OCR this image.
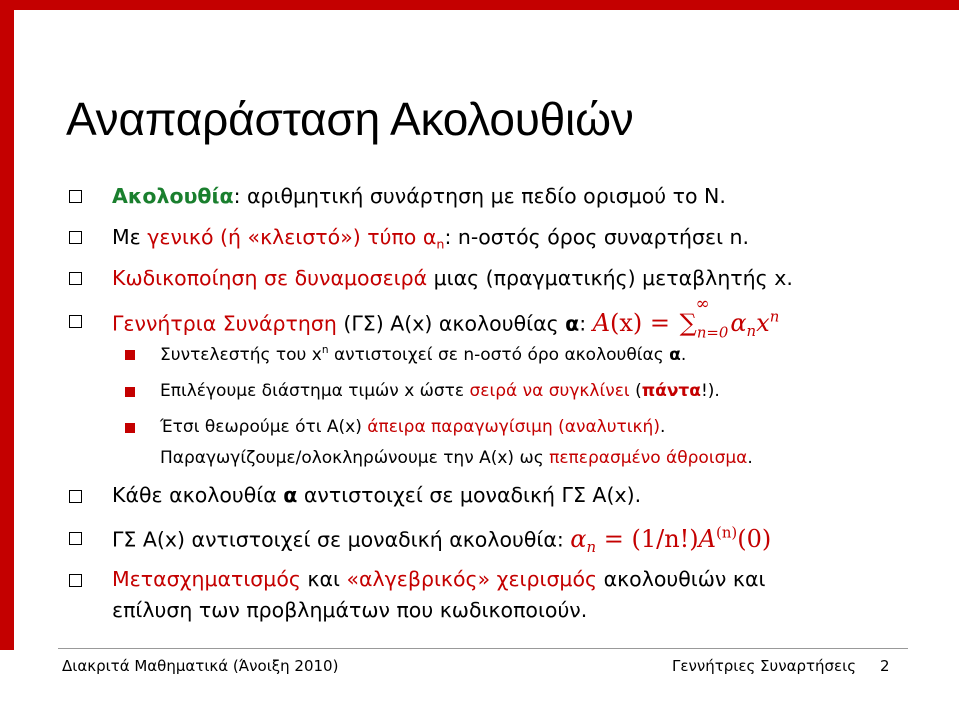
Αναπαράσταση Ακολουθιών
Ακολουθία: αριθμητική συνάρτηση με πεδίο ορισμού το Ν.
Με γενικό (ή «κλειστό») τύπο $\alpha_n$: n-οστός όρος συναρτήσει n.
Κωδικοποίηση σε δυναμοσειρά μιας (πραγματικής) μεταβλητής x.
Γεννήτρια Συνάρτηση (ΓΣ) A(x) ακολουθίας α: A(x) = ∑
∞
$_{n=0}\alpha_nx^n$
Συντελεστής του $x^n$ αντιστοιχεί σε n-οστό όρο ακολουθίας α.
Επιλέγουμε διάστημα τιμών x ώστε σειρά να συγκλίνει (πάντα!).
Έτσι θεωρούμε ότι Α(x) άπειρα παραγωγίσιμη (αναλυτική).
Παραγωγίζουμε/ολοκληρώνουμε την Α(x) ως πεπερασμένο άθροισμα.
Κάθε ακολουθία α αντιστοιχεί σε μοναδική ΓΣ Α(x).
ΓΣ Α(x) αντιστοιχεί σε μοναδική ακολουθία: $\alpha_n = (1/n!)A^{(n)}(0)$
Μετασχηματισμός και «αλγεβρικός» χειρισμός ακολουθιών και
επίλυση των προβλημάτων που κωδικοποιούν.
Διακριτά Μαθηματικά (Άνοιξη 2010)	Γεννήτριες Συναρτήσεις 2
